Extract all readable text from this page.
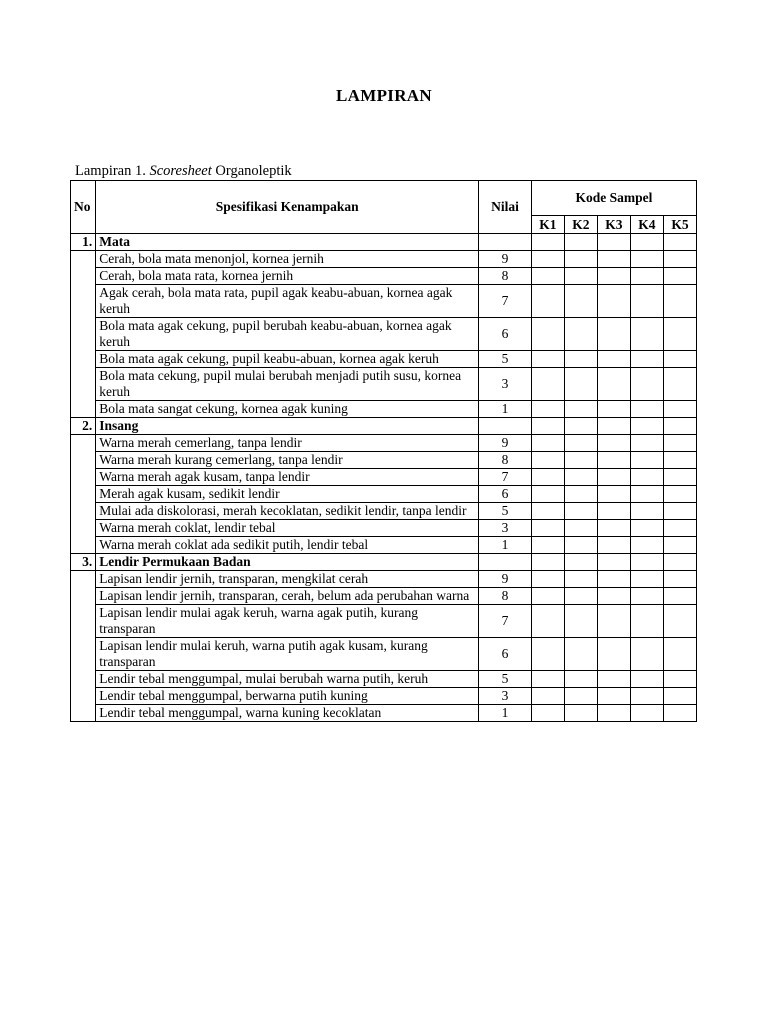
LAMPIRAN
Lampiran 1. Scoresheet Organoleptik
No	Spesifikasi Kenampakan	Nilai	Kode Sampel				
			K1	K2	K3	K4	K5
1.	Mata						
	Cerah, bola mata menonjol, kornea jernih	9					
	Cerah, bola mata rata, kornea jernih	8					
	Agak cerah, bola mata rata, pupil agak keabu-abuan, kornea agak keruh	7					
	Bola mata agak cekung, pupil berubah keabu-abuan, kornea agak keruh	6					
	Bola mata agak cekung, pupil keabu-abuan, kornea agak keruh	5					
	Bola mata cekung, pupil mulai berubah menjadi putih susu, kornea keruh	3					
	Bola mata sangat cekung, kornea agak kuning	1					
2.	Insang						
	Warna merah cemerlang, tanpa lendir	9					
	Warna merah kurang cemerlang, tanpa lendir	8					
	Warna merah agak kusam, tanpa lendir	7					
	Merah agak kusam, sedikit lendir	6					
	Mulai ada diskolorasi, merah kecoklatan, sedikit lendir, tanpa lendir	5					
	Warna merah coklat, lendir tebal	3					
	Warna merah coklat ada sedikit putih, lendir tebal	1					
3.	Lendir Permukaan Badan						
	Lapisan lendir jernih, transparan, mengkilat cerah	9					
	Lapisan lendir jernih, transparan, cerah, belum ada perubahan warna	8					
	Lapisan lendir mulai agak keruh, warna agak putih, kurang transparan	7					
	Lapisan lendir mulai keruh, warna putih agak kusam, kurang transparan	6					
	Lendir tebal menggumpal, mulai berubah warna putih, keruh	5					
	Lendir tebal menggumpal, berwarna putih kuning	3					
	Lendir tebal menggumpal, warna kuning kecoklatan	1					
